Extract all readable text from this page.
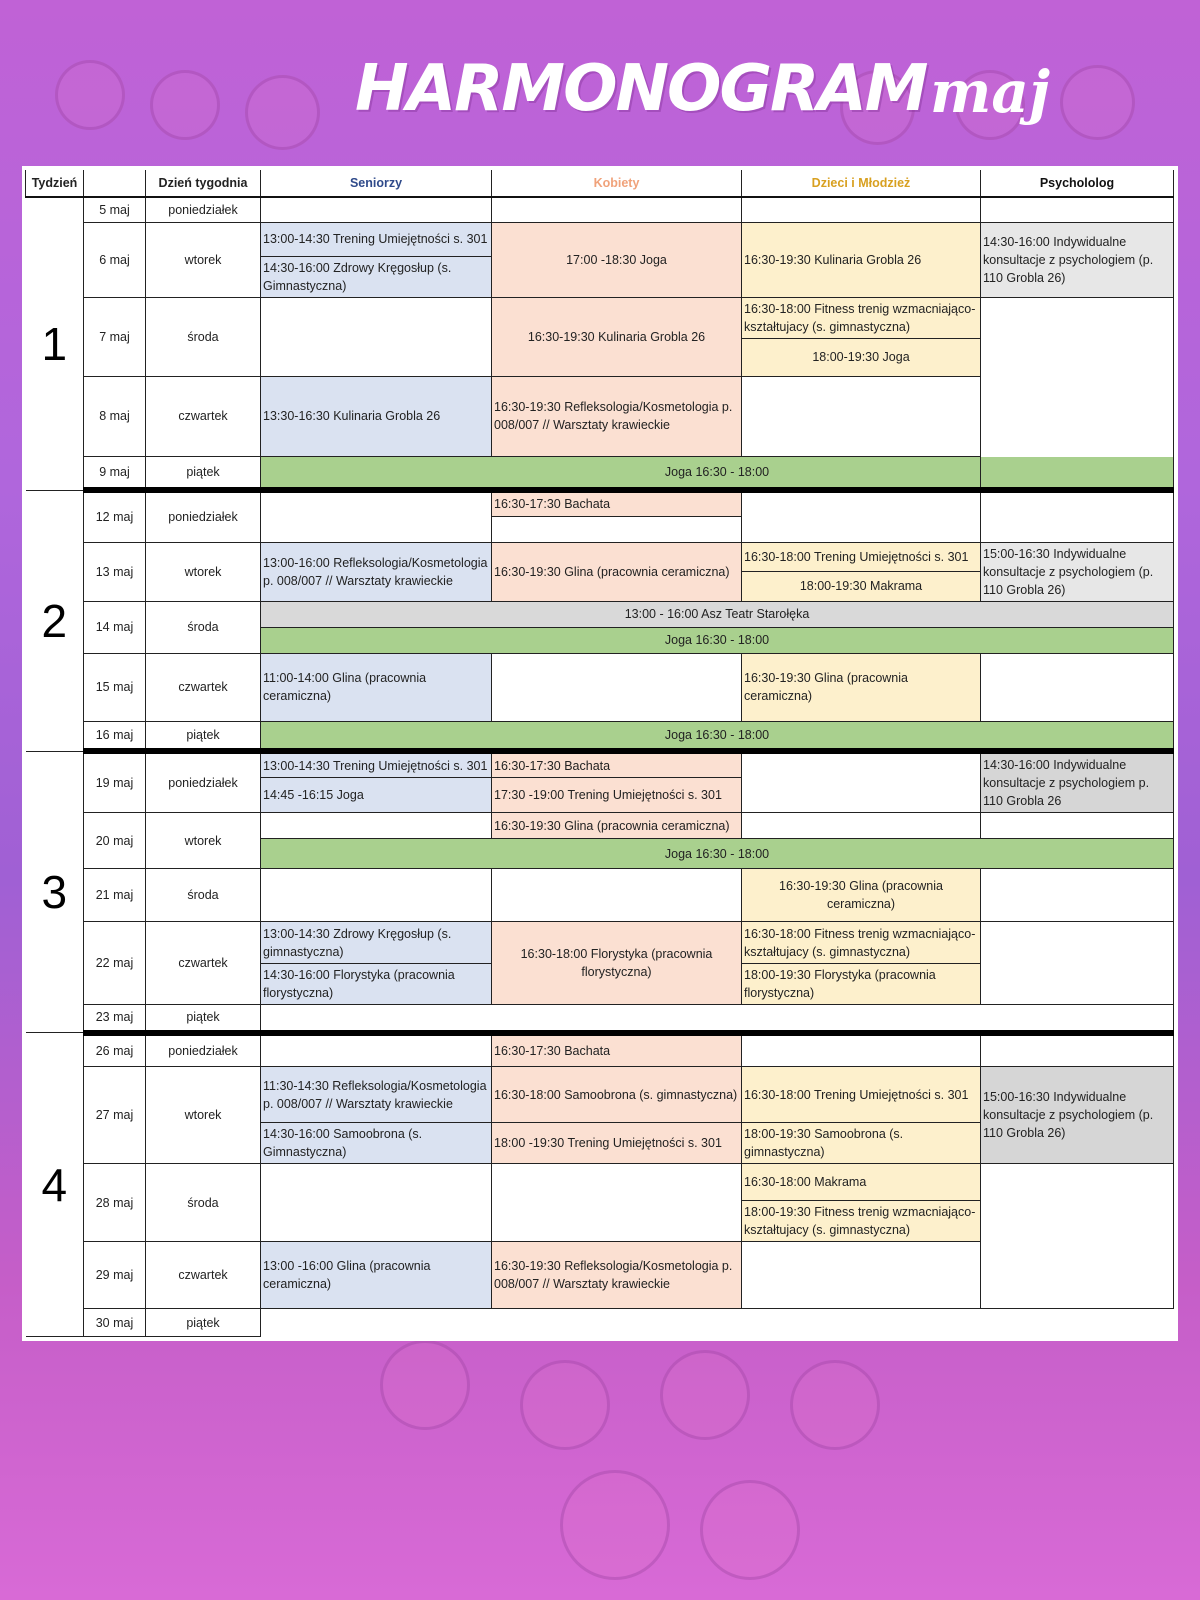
HARMONOGRAM maj
Tydzień		Dzień tygodnia	Seniorzy	Kobiety	Dzieci i Młodzież	Psychololog
1	5 maj	poniedziałek				
	6 maj	wtorek	13:00-14:30 Trening Umiejętności s. 301	17:00 -18:30 Joga	16:30-19:30 Kulinaria Grobla 26	14:30-16:00 Indywidualne konsultacje z psychologiem (p. 110 Grobla 26)
			14:30-16:00 Zdrowy Kręgosłup (s. Gimnastyczna)			
	7 maj	środa		16:30-19:30 Kulinaria Grobla 26	16:30-18:00 Fitness trenig wzmacniająco-kształtujacy (s. gimnastyczna)	
					18:00-19:30 Joga	
	8 maj	czwartek	13:30-16:30 Kulinaria Grobla 26	16:30-19:30 Refleksologia/Kosmetologia p. 008/007 // Warsztaty krawieckie		
	9 maj	piątek	Joga 16:30 - 18:00			
2	12 maj	poniedziałek		16:30-17:30 Bachata		

	13 maj	wtorek	13:00-16:00 Refleksologia/Kosmetologia p. 008/007 // Warsztaty krawieckie	16:30-19:30 Glina (pracownia ceramiczna)	16:30-18:00 Trening Umiejętności s. 301	15:00-16:30 Indywidualne konsultacje z psychologiem (p. 110 Grobla 26)
					18:00-19:30 Makrama	
	14 maj	środa	13:00 - 16:00 Asz Teatr Starołęka			
			Joga 16:30 - 18:00			
	15 maj	czwartek	11:00-14:00 Glina (pracownia ceramiczna)		16:30-19:30 Glina (pracownia ceramiczna)	
	16 maj	piątek	Joga 16:30 - 18:00			
3	19 maj	poniedziałek	13:00-14:30 Trening Umiejętności s. 301	16:30-17:30 Bachata		14:30-16:00 Indywidualne konsultacje z psychologiem p. 110 Grobla 26
			14:45 -16:15 Joga	17:30 -19:00 Trening Umiejętności s. 301		
	20 maj	wtorek		16:30-19:30 Glina (pracownia ceramiczna)		
			Joga 16:30 - 18:00			
	21 maj	środa			16:30-19:30 Glina (pracownia ceramiczna)	
	22 maj	czwartek	13:00-14:30 Zdrowy Kręgosłup (s. gimnastyczna)	16:30-18:00 Florystyka (pracownia florystyczna)	16:30-18:00 Fitness trenig wzmacniająco-kształtujacy (s. gimnastyczna)	
			14:30-16:00 Florystyka (pracownia florystyczna)		18:00-19:30 Florystyka (pracownia florystyczna)	
	23 maj	piątek				
4	26 maj	poniedziałek		16:30-17:30 Bachata		
	27 maj	wtorek	11:30-14:30 Refleksologia/Kosmetologia p. 008/007 // Warsztaty krawieckie	16:30-18:00 Samoobrona (s. gimnastyczna)	16:30-18:00 Trening Umiejętności s. 301	15:00-16:30 Indywidualne konsultacje z psychologiem (p. 110 Grobla 26)
			14:30-16:00 Samoobrona (s. Gimnastyczna)	18:00 -19:30 Trening Umiejętności s. 301	18:00-19:30 Samoobrona (s. gimnastyczna)	
	28 maj	środa			16:30-18:00 Makrama	
					18:00-19:30 Fitness trenig wzmacniająco-kształtujacy (s. gimnastyczna)	
	29 maj	czwartek	13:00 -16:00 Glina (pracownia ceramiczna)	16:30-19:30 Refleksologia/Kosmetologia p. 008/007 // Warsztaty krawieckie		
	30 maj	piątek				
